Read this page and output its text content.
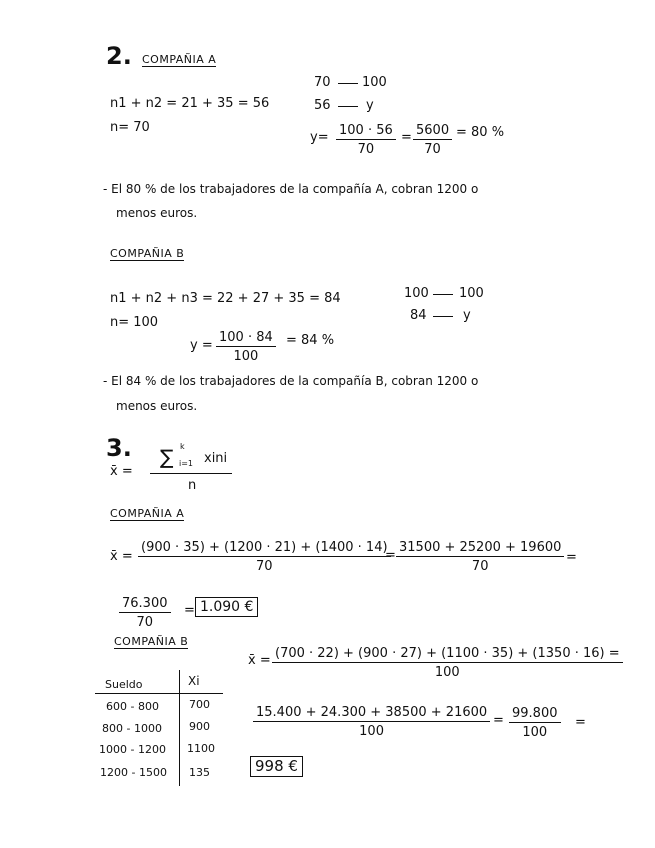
2. COMPAÑIA A
n1 + n2 = 21 + 35 = 56
n= 70
70 100
56	y
$y= \frac{100 \cdot 56}{70} = \frac{5600}{70} = 80$ %
- El 80 % de los trabajadores de la compañía A, cobran 1200 o
menos euros.
COMPAÑIA B
n1 + n2 + n3 = 22 + 27 + 35 = 84
n= 100
100 100
84	y
$y = \frac{100 \cdot 84}{100} = 84$ %
- El 84 % de los trabajadores de la compañía B, cobran 1200 o
menos euros.
3.
x̄ =
∑ k
i=1 xini
n
COMPAÑIA A
x̄ = $\frac{(900 \cdot 35) + (1200 \cdot 21) + (1400 \cdot 14)}{70}$
= $\frac{31500 + 25200 + 19600}{70}$ =
$\frac{76.300}{70} = 1.090$ €
COMPAÑIA B
Sueldo	Xi
600 - 800	700
800 - 1000 900
1000 - 1200 1100
1200 - 1500 135
x̄ = $\frac{(700 \cdot 22) + (900 \cdot 27) + (1100 \cdot 35) + (1350 \cdot 16) =}{100}$
$\frac{15.400 + 24.300 + 38500 + 21600}{100} = \frac{99.800}{100}$ =
998 €
